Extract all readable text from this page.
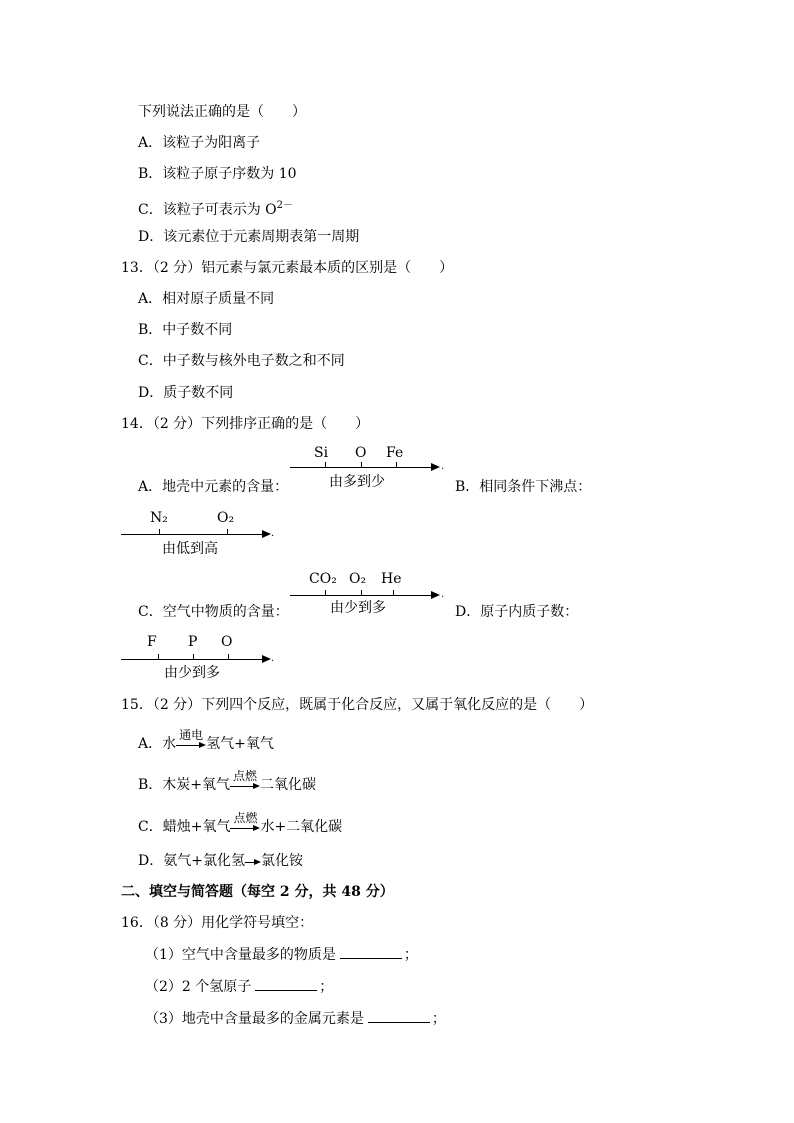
下列说法正确的是（　　）
A．该粒子为阳离子
B．该粒子原子序数为 10
C．该粒子可表示为 $O^{2-}$
D．该元素位于元素周期表第一周期
13．（2 分）铝元素与氯元素最本质的区别是（　　）
A．相对原子质量不同
B．中子数不同
C．中子数与核外电子数之和不同
D．质子数不同
14．（2 分）下列排序正确的是（　　）
A．地壳中元素的含量：
Si O Fe
.
由多到少	B．相同条件下沸点：
N₂	O₂
.
由低到高
C．空气中物质的含量：
CO₂ O₂ He
.
由少到多	D．原子内质子数：
F P O
.
由少到多
15．（2 分）下列四个反应，既属于化合反应，又属于氧化反应的是（　　）
A．水
通电
氢气+氧气
B．木炭+氧气
点燃
二氧化碳
C．蜡烛+氧气
点燃
水+二氧化碳
D．氨气+氯化氢 氯化铵
二、填空与简答题（每空 2 分，共 48 分）
16．（8 分）用化学符号填空：
（1）空气中含量最多的物质是	；
（2）2 个氢原子	；
（3）地壳中含量最多的金属元素是	；
